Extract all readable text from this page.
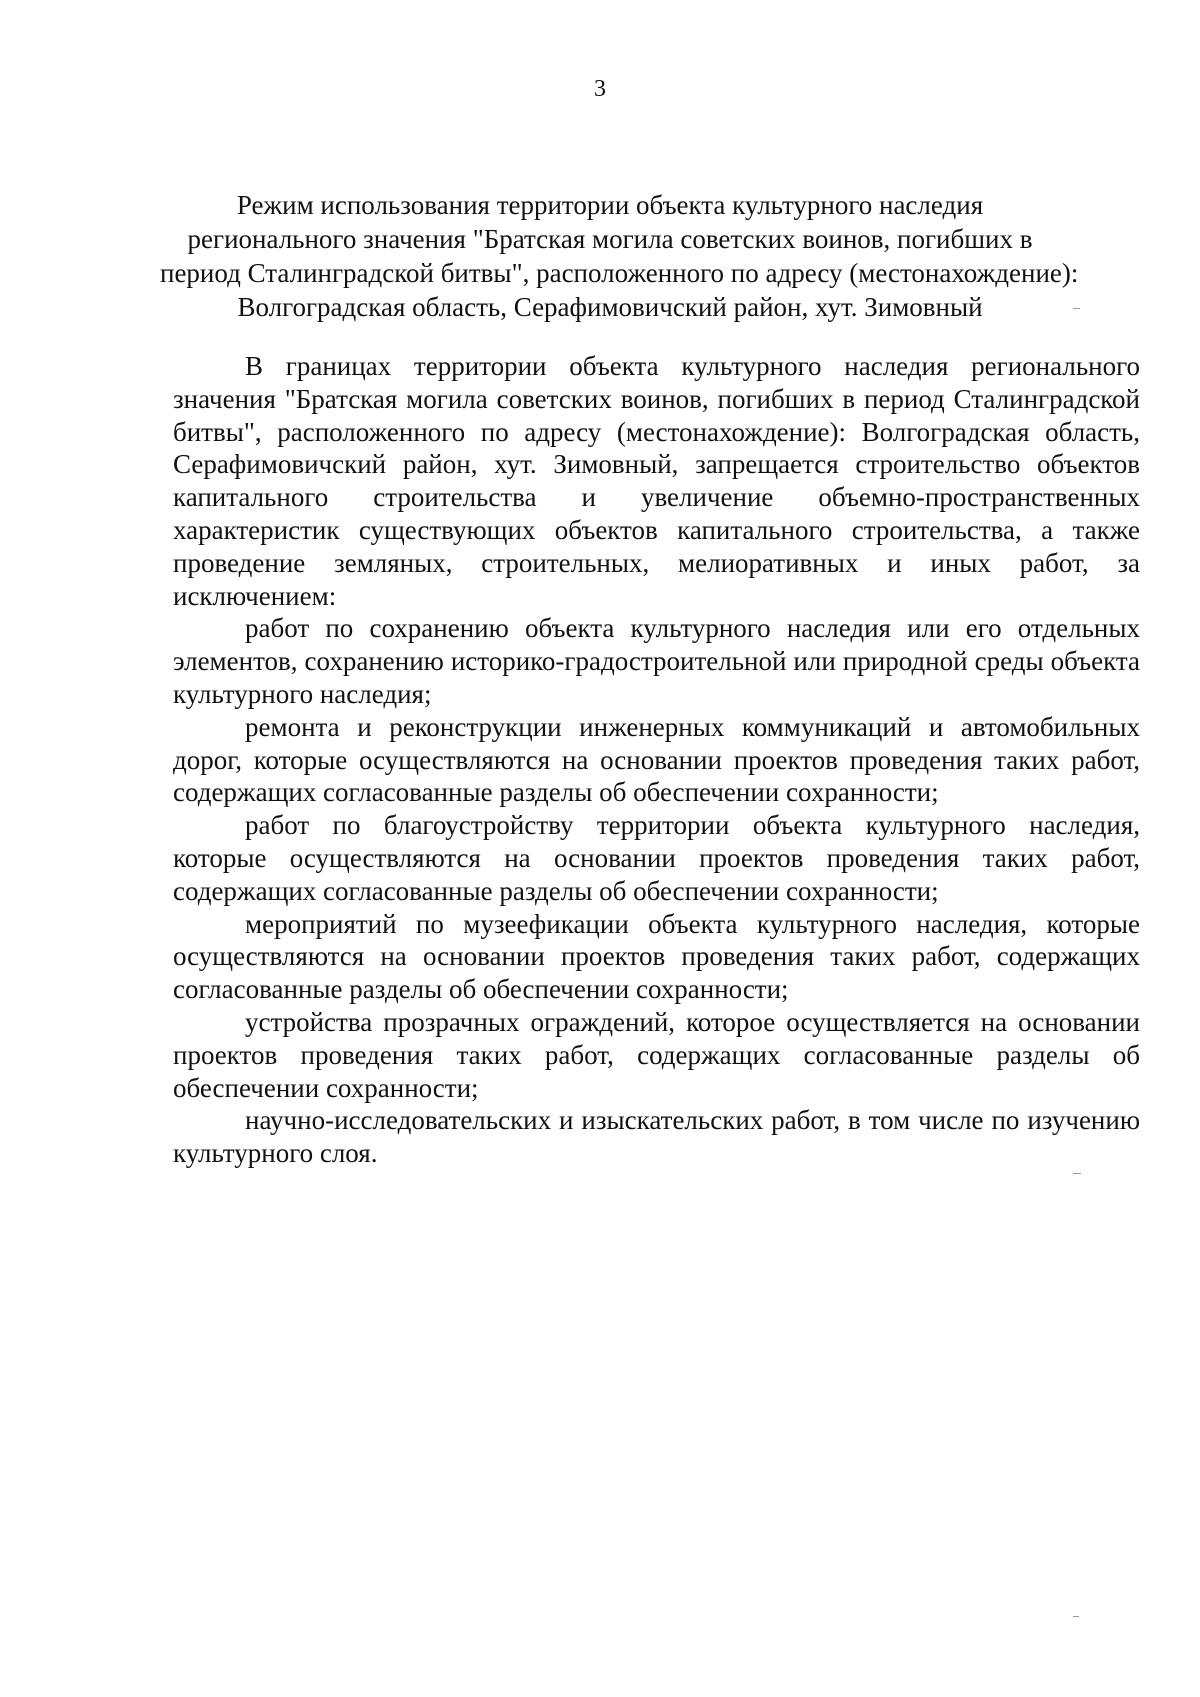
3
Режим использования территории объекта культурного наследия
регионального значения "Братская могила советских воинов, погибших в
период Сталинградской битвы", расположенного по адресу (местонахождение):
Волгоградская область, Серафимовичский район, хут. Зимовный

В границах территории объекта культурного наследия регионального значения "Братская могила советских воинов, погибших в период Сталинградской битвы", расположенного по адресу (местонахождение): Волгоградская область, Серафимовичский район, хут. Зимовный, запрещается строительство объектов капитального строительства и увеличение объемно-пространственных характеристик существующих объектов капитального строительства, а также проведение земляных, строительных, мелиоративных и иных работ, за исключением:

работ по сохранению объекта культурного наследия или его отдельных элементов, сохранению историко-градостроительной или природной среды объекта культурного наследия;

ремонта и реконструкции инженерных коммуникаций и автомобильных дорог, которые осуществляются на основании проектов проведения таких работ, содержащих согласованные разделы об обеспечении сохранности;

работ по благоустройству территории объекта культурного наследия, которые осуществляются на основании проектов проведения таких работ, содержащих согласованные разделы об обеспечении сохранности;

мероприятий по музеефикации объекта культурного наследия, которые осуществляются на основании проектов проведения таких работ, содержащих согласованные разделы об обеспечении сохранности;

устройства прозрачных ограждений, которое осуществляется на основании проектов проведения таких работ, содержащих согласованные разделы об обеспечении сохранности;

научно-исследовательских и изыскательских работ, в том числе по изучению культурного слоя.
